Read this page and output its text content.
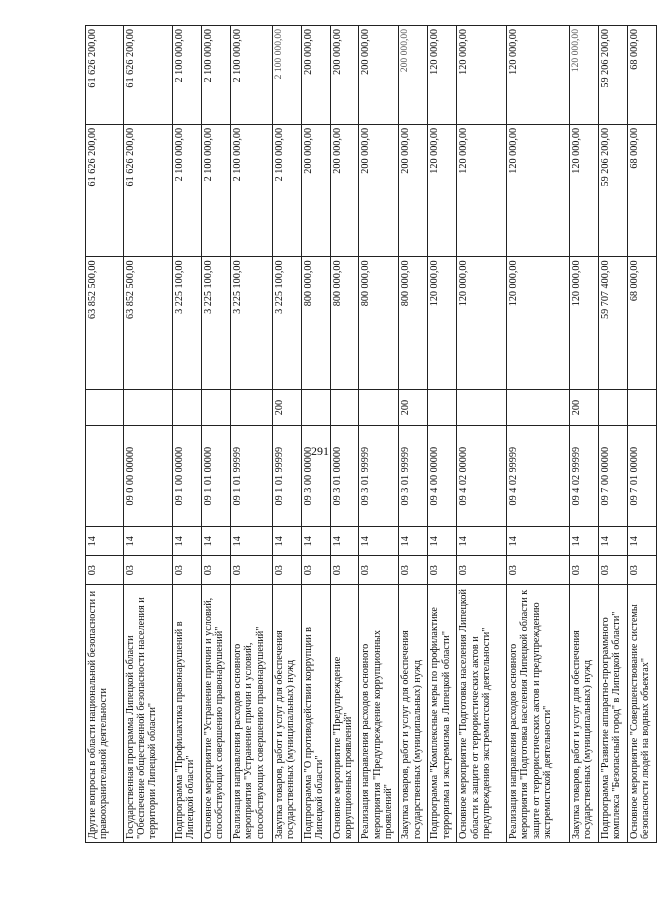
291
Другие вопросы в области национальной безопасности и правоохранительной деятельности	03	14			63 852 500,00	61 626 200,00	61 626 200,00
Государственная программа Липецкой области "Обеспечение общественной безопасности населения и территории Липецкой области"	03	14	09 0 00 00000		63 852 500,00	61 626 200,00	61 626 200,00
Подпрограмма "Профилактика правонарушений в Липецкой области"	03	14	09 1 00 00000		3 225 100,00	2 100 000,00	2 100 000,00
Основное мероприятие "Устранение причин и условий, способствующих совершению правонарушений"	03	14	09 1 01 00000		3 225 100,00	2 100 000,00	2 100 000,00
Реализация направления расходов основного мероприятия "Устранение причин и условий, способствующих совершению правонарушений"	03	14	09 1 01 99999		3 225 100,00	2 100 000,00	2 100 000,00
Закупка товаров, работ и услуг для обеспечения государственных (муниципальных) нужд	03	14	09 1 01 99999	200	3 225 100,00	2 100 000,00	2 100 000,00
Подпрограмма "О противодействии коррупции в Липецкой области"	03	14	09 3 00 00000		800 000,00	200 000,00	200 000,00
Основное мероприятие "Предупреждение коррупционных проявлений"	03	14	09 3 01 00000		800 000,00	200 000,00	200 000,00
Реализация направления расходов основного мероприятия "Предупреждение коррупционных проявлений"	03	14	09 3 01 99999		800 000,00	200 000,00	200 000,00
Закупка товаров, работ и услуг для обеспечения государственных (муниципальных) нужд	03	14	09 3 01 99999	200	800 000,00	200 000,00	200 000,00
Подпрограмма "Комплексные меры по профилактике терроризма и экстремизма в Липецкой области"	03	14	09 4 00 00000		120 000,00	120 000,00	120 000,00
Основное мероприятие "Подготовка населения Липецкой области к защите от террористических актов и предупреждению экстремистской деятельности"	03	14	09 4 02 00000		120 000,00	120 000,00	120 000,00
Реализация направления расходов основного мероприятия "Подготовка населения Липецкой области к защите от террористических актов и предупреждению экстремистской деятельности"	03	14	09 4 02 99999		120 000,00	120 000,00	120 000,00
Закупка товаров, работ и услуг для обеспечения государственных (муниципальных) нужд	03	14	09 4 02 99999	200	120 000,00	120 000,00	120 000,00
Подпрограмма "Развитие аппаратно-программного комплекса "Безопасный город" в Липецкой области"	03	14	09 7 00 00000		59 707 400,00	59 206 200,00	59 206 200,00
Основное мероприятие "Совершенствование системы безопасности людей на водных объектах"	03	14	09 7 01 00000		68 000,00	68 000,00	68 000,00
